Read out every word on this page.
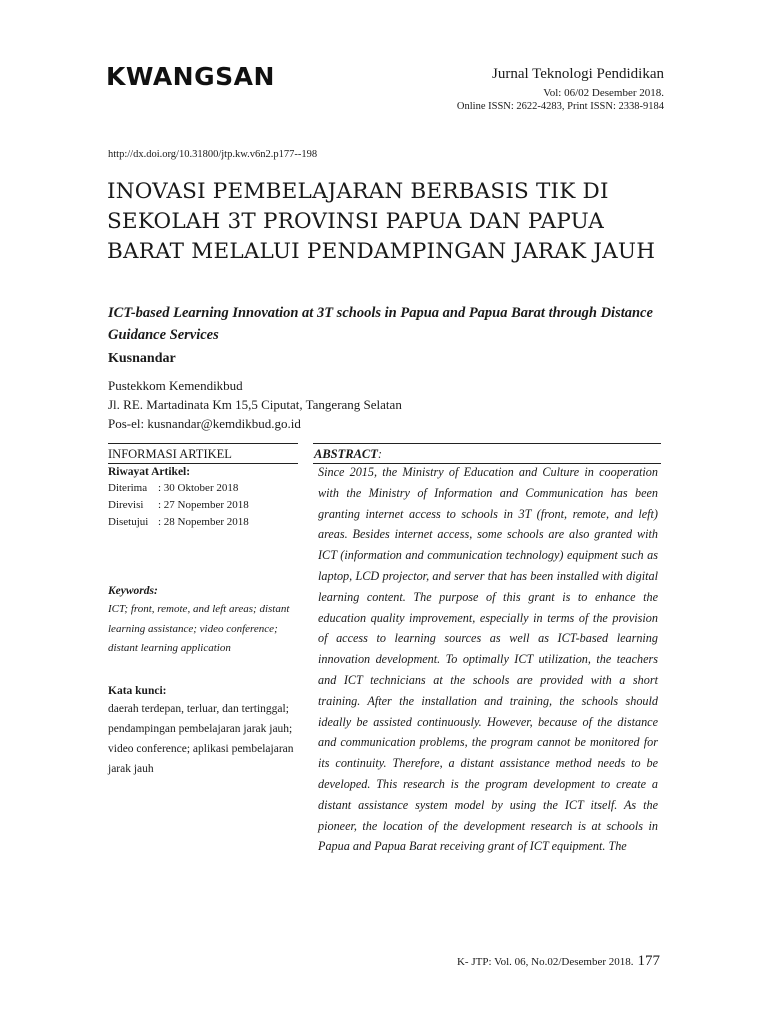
KWANGSAN	Jurnal Teknologi Pendidikan
Vol: 06/02 Desember 2018.
Online ISSN: 2622-4283, Print ISSN: 2338-9184
http://dx.doi.org/10.31800/jtp.kw.v6n2.p177--198
INOVASI PEMBELAJARAN BERBASIS TIK DI SEKOLAH 3T PROVINSI PAPUA DAN PAPUA BARAT MELALUI PENDAMPINGAN JARAK JAUH
ICT-based Learning Innovation at 3T schools in Papua and Papua Barat through Distance Guidance Services
Kusnandar
Pustekkom Kemendikbud
Jl. RE. Martadinata Km 15,5 Ciputat, Tangerang Selatan
Pos-el: kusnandar@kemdikbud.go.id
INFORMASI ARTIKEL	ABSTRACT:
Riwayat Artikel:
Diterima : 30 Oktober 2018
Direvisi	: 27 Nopember 2018
Disetujui : 28 Nopember 2018
Keywords:
ICT; front, remote, and left areas; distant learning assistance; video conference; distant learning application
Kata kunci:
daerah terdepan, terluar, dan tertinggal; pendampingan pembelajaran jarak jauh; video conference; aplikasi pembelajaran jarak jauh

Since 2015, the Ministry of Education and Culture in cooperation with the Ministry of Information and Communication has been granting internet access to schools in 3T (front, remote, and left) areas. Besides internet access, some schools are also granted with ICT (information and communication technology) equipment such as laptop, LCD projector, and server that has been installed with digital learning content. The purpose of this grant is to enhance the education quality improvement, especially in terms of the provision of access to learning sources as well as ICT-based learning innovation development. To optimally ICT utilization, the teachers and ICT technicians at the schools are provided with a short training. After the installation and training, the schools should ideally be assisted continuously. However, because of the distance and communication problems, the program cannot be monitored for its continuity. Therefore, a distant assistance method needs to be developed. This research is the program development to create a distant assistance system model by using the ICT itself. As the pioneer, the location of the development research is at schools in Papua and Papua Barat receiving grant of ICT equipment. The

K- JTP: Vol. 06, No.02/Desember 2018. 177
